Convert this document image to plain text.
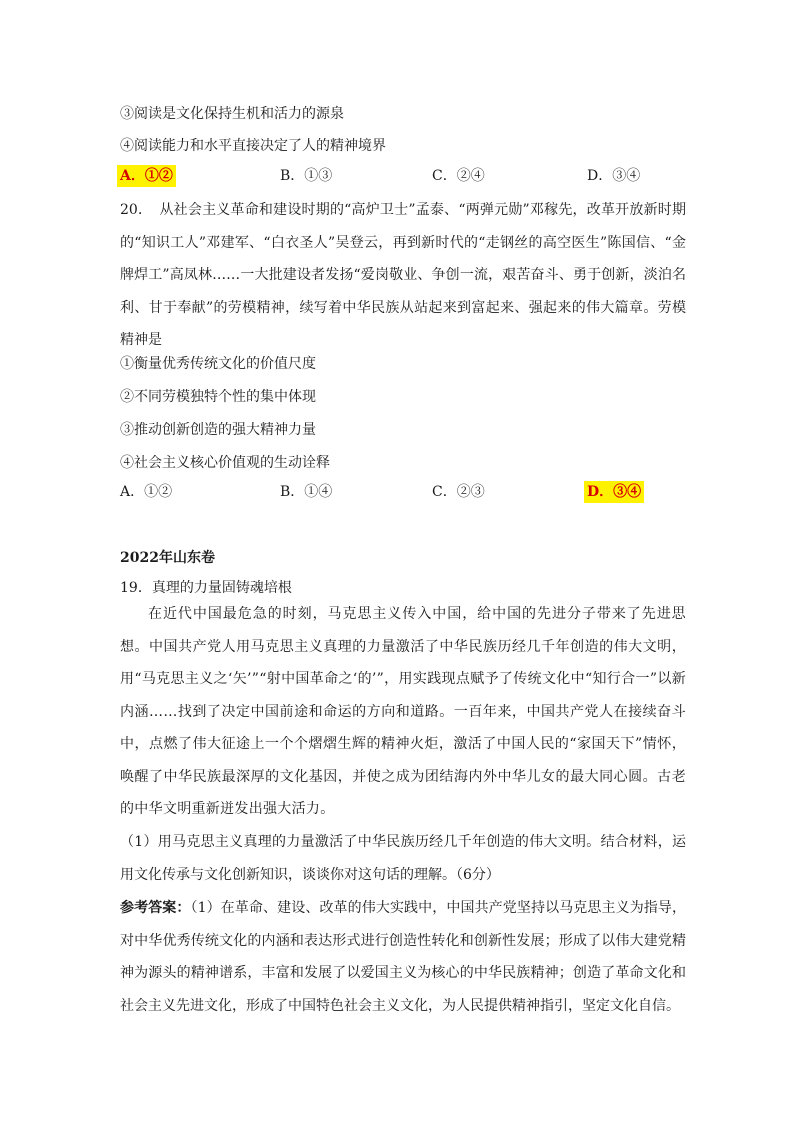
③阅读是文化保持生机和活力的源泉
④阅读能力和水平直接决定了人的精神境界
A．①②	B．①③	C．②④	D．③④
20．　从社会主义革命和建设时期的“高炉卫士”孟泰、“两弹元勋”邓稼先，改革开放新时期的“知识工人”邓建军、“白衣圣人”吴登云，再到新时代的“走钢丝的高空医生”陈国信、“金牌焊工”高凤林……一大批建设者发扬“爱岗敬业、争创一流，艰苦奋斗、勇于创新，淡泊名利、甘于奉献”的劳模精神，续写着中华民族从站起来到富起来、强起来的伟大篇章。劳模精神是
①衡量优秀传统文化的价值尺度
②不同劳模独特个性的集中体现
③推动创新创造的强大精神力量
④社会主义核心价值观的生动诠释
A．①②	B．①④	C．②③	D．③④
2022年山东卷
19．真理的力量固铸魂培根
在近代中国最危急的时刻，马克思主义传入中国，给中国的先进分子带来了先进思想。中国共产党人用马克思主义真理的力量激活了中华民族历经几千年创造的伟大文明，用“马克思主义之‘矢’”“射中国革命之‘的’”，用实践现点赋予了传统文化中“知行合一”以新内涵……找到了决定中国前途和命运的方向和道路。一百年来，中国共产党人在接续奋斗中，点燃了伟大征途上一个个熠熠生辉的精神火炬，激活了中国人民的“家国天下”情怀，唤醒了中华民族最深厚的文化基因，并使之成为团结海内外中华儿女的最大同心圆。古老的中华文明重新迸发出强大活力。
（1）用马克思主义真理的力量激活了中华民族历经几千年创造的伟大文明。结合材料，运用文化传承与文化创新知识，谈谈你对这句话的理解。（6分）
参考答案：（1）在革命、建设、改革的伟大实践中，中国共产党坚持以马克思主义为指导，对中华优秀传统文化的内涵和表达形式进行创造性转化和创新性发展；形成了以伟大建党精神为源头的精神谱系，丰富和发展了以爱国主义为核心的中华民族精神；创造了革命文化和社会主义先进文化，形成了中国特色社会主义文化，为人民提供精神指引，坚定文化自信。
